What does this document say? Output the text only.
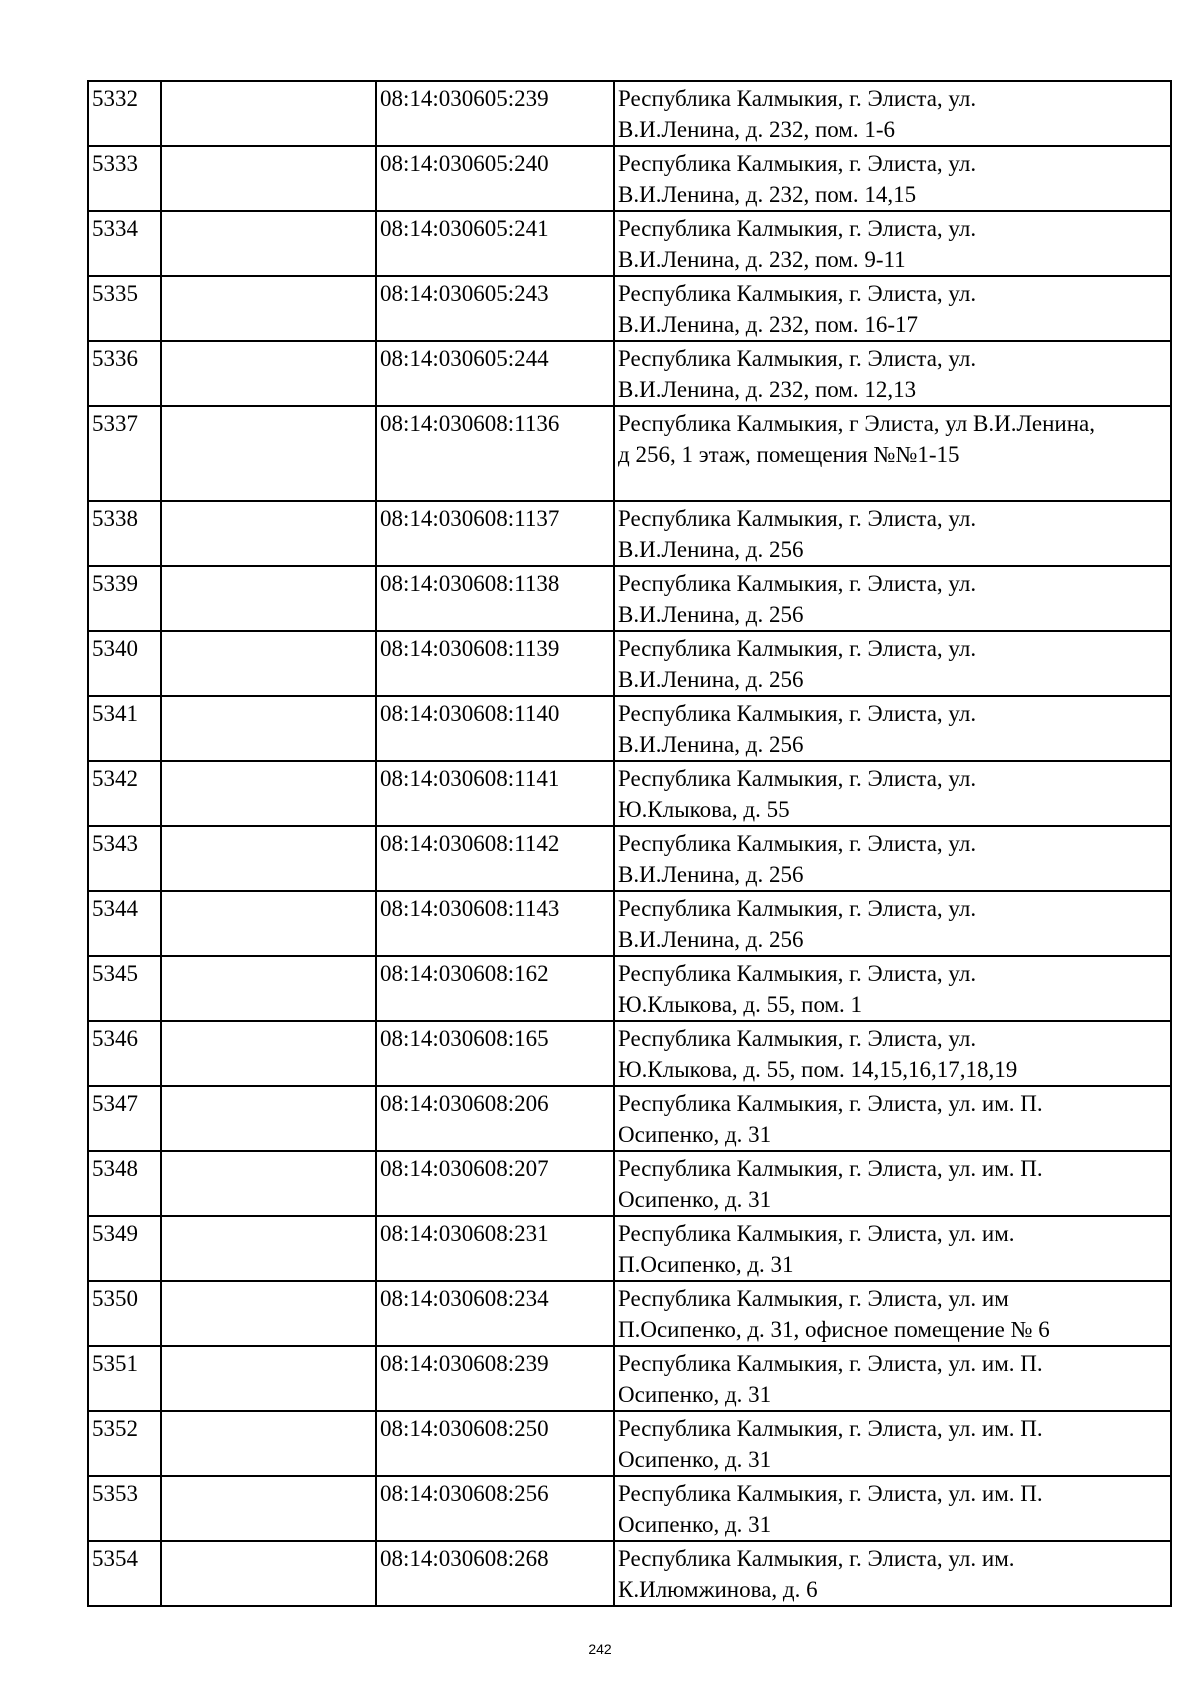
5332		08:14:030605:239	Республика Калмыкия, г. Элиста, ул.
В.И.Ленина, д. 232, пом. 1-6

5333		08:14:030605:240	Республика Калмыкия, г. Элиста, ул.
В.И.Ленина, д. 232, пом. 14,15

5334		08:14:030605:241	Республика Калмыкия, г. Элиста, ул.
В.И.Ленина, д. 232, пом. 9-11

5335		08:14:030605:243	Республика Калмыкия, г. Элиста, ул.
В.И.Ленина, д. 232, пом. 16-17

5336		08:14:030605:244	Республика Калмыкия, г. Элиста, ул.
В.И.Ленина, д. 232, пом. 12,13

5337		08:14:030608:1136	Республика Калмыкия, г Элиста, ул В.И.Ленина,
д 256, 1 этаж, помещения №№1-15

5338		08:14:030608:1137	Республика Калмыкия, г. Элиста, ул.
В.И.Ленина, д. 256

5339		08:14:030608:1138	Республика Калмыкия, г. Элиста, ул.
В.И.Ленина, д. 256

5340		08:14:030608:1139	Республика Калмыкия, г. Элиста, ул.
В.И.Ленина, д. 256

5341		08:14:030608:1140	Республика Калмыкия, г. Элиста, ул.
В.И.Ленина, д. 256

5342		08:14:030608:1141	Республика Калмыкия, г. Элиста, ул.
Ю.Клыкова, д. 55

5343		08:14:030608:1142	Республика Калмыкия, г. Элиста, ул.
В.И.Ленина, д. 256

5344		08:14:030608:1143	Республика Калмыкия, г. Элиста, ул.
В.И.Ленина, д. 256

5345		08:14:030608:162	Республика Калмыкия, г. Элиста, ул.
Ю.Клыкова, д. 55, пом. 1

5346		08:14:030608:165	Республика Калмыкия, г. Элиста, ул.
Ю.Клыкова, д. 55, пом. 14,15,16,17,18,19

5347		08:14:030608:206	Республика Калмыкия, г. Элиста, ул. им. П.
Осипенко, д. 31

5348		08:14:030608:207	Республика Калмыкия, г. Элиста, ул. им. П.
Осипенко, д. 31

5349		08:14:030608:231	Республика Калмыкия, г. Элиста, ул. им.
П.Осипенко, д. 31

5350		08:14:030608:234	Республика Калмыкия, г. Элиста, ул. им
П.Осипенко, д. 31, офисное помещение № 6

5351		08:14:030608:239	Республика Калмыкия, г. Элиста, ул. им. П.
Осипенко, д. 31

5352		08:14:030608:250	Республика Калмыкия, г. Элиста, ул. им. П.
Осипенко, д. 31

5353		08:14:030608:256	Республика Калмыкия, г. Элиста, ул. им. П.
Осипенко, д. 31

5354		08:14:030608:268	Республика Калмыкия, г. Элиста, ул. им.
К.Илюмжинова, д. 6
242
